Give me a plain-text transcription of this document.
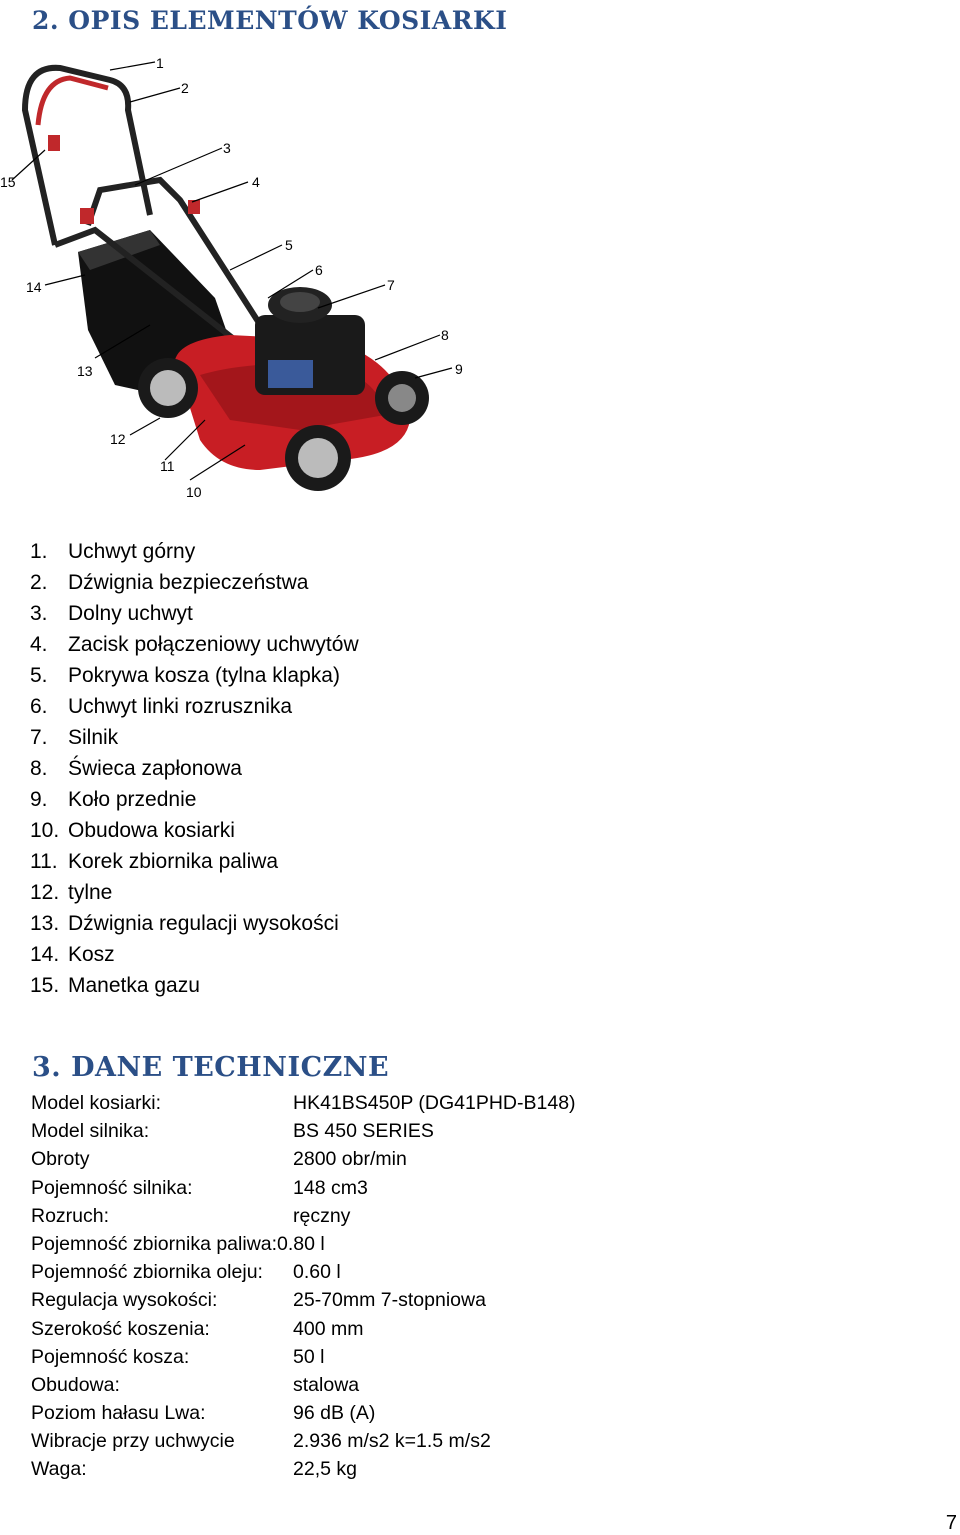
2. OPIS ELEMENTÓW KOSIARKI
1
2
3
4
5
6
7
8
9
10
11
12
13
14
15
1. Uchwyt górny
2. Dźwignia bezpieczeństwa
3. Dolny uchwyt
4. Zacisk połączeniowy uchwytów
5. Pokrywa kosza (tylna klapka)
6. Uchwyt linki rozrusznika
7. Silnik
8. Świeca zapłonowa
9. Koło przednie
10. Obudowa kosiarki
11. Korek zbiornika paliwa
12. tylne
13. Dźwignia regulacji wysokości
14. Kosz
15. Manetka gazu
3. DANE TECHNICZNE
Model kosiarki:	HK41BS450P (DG41PHD-B148)
Model silnika:	BS 450 SERIES
Obroty	2800 obr/min
Pojemność silnika:	148 cm3
Rozruch:	ręczny
Pojemność zbiornika paliwa:0.80 l
Pojemność zbiornika oleju: 0.60 l
Regulacja wysokości:	25-70mm 7-stopniowa
Szerokość koszenia:	400 mm
Pojemność kosza:	50 l
Obudowa:	stalowa
Poziom hałasu Lwa:	96 dB (A)
Wibracje przy uchwycie	2.936 m/s2 k=1.5 m/s2
Waga:	22,5 kg
7
